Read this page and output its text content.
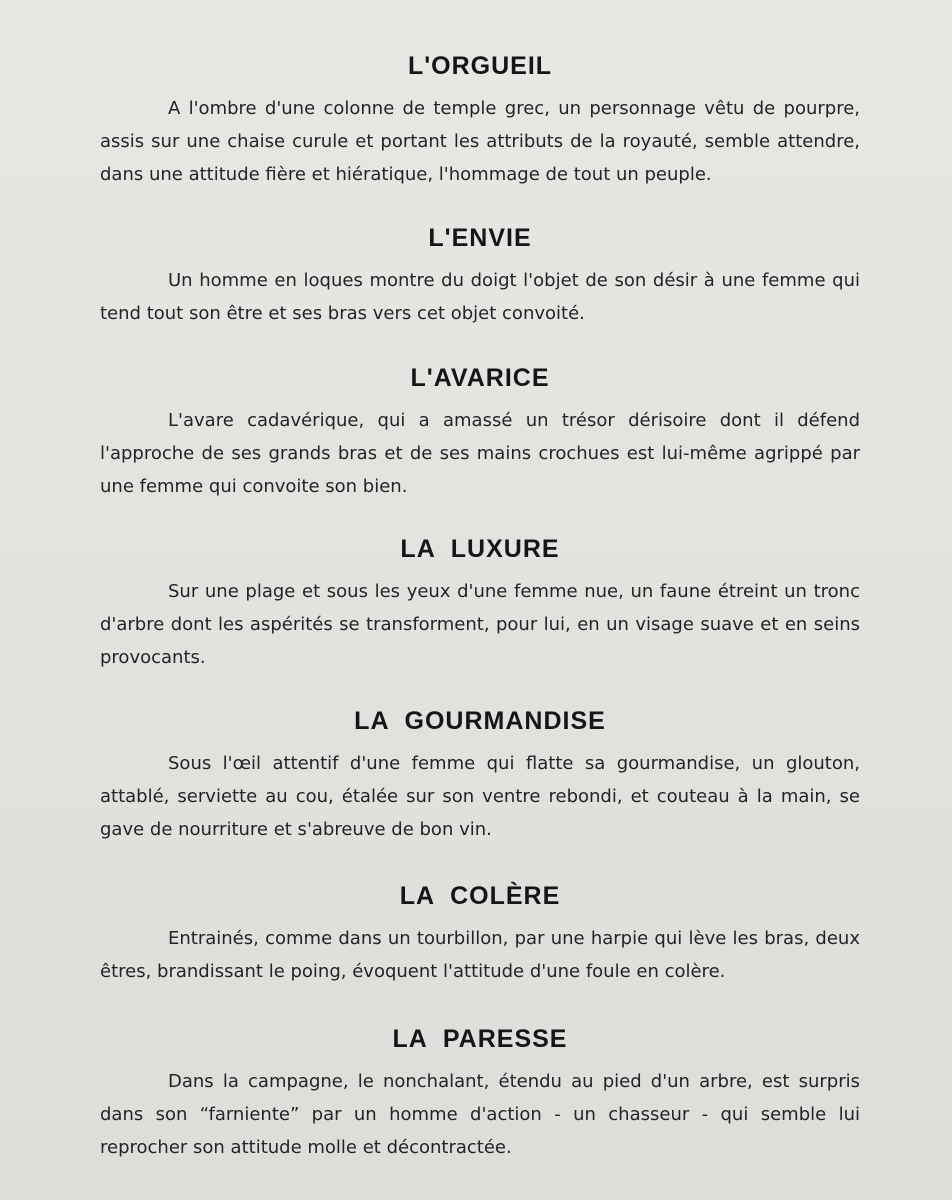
L'ORGUEIL

A l'ombre d'une colonne de temple grec, un personnage vêtu de pourpre, assis sur une chaise curule et portant les attributs de la royauté, semble attendre, dans une attitude fière et hiératique, l'hommage de tout un peuple.

L'ENVIE

Un homme en loques montre du doigt l'objet de son désir à une femme qui tend tout son être et ses bras vers cet objet convoité.

L'AVARICE

L'avare cadavérique, qui a amassé un trésor dérisoire dont il défend l'approche de ses grands bras et de ses mains crochues est lui-même agrippé par une femme qui convoite son bien.

LA LUXURE

Sur une plage et sous les yeux d'une femme nue, un faune étreint un tronc d'arbre dont les aspérités se transforment, pour lui, en un visage suave et en seins provocants.

LA GOURMANDISE

Sous l'œil attentif d'une femme qui flatte sa gourmandise, un glouton, attablé, serviette au cou, étalée sur son ventre rebondi, et couteau à la main, se gave de nourriture et s'abreuve de bon vin.

LA COLÈRE

Entrainés, comme dans un tourbillon, par une harpie qui lève les bras, deux êtres, brandissant le poing, évoquent l'attitude d'une foule en colère.

LA PARESSE

Dans la campagne, le nonchalant, étendu au pied d'un arbre, est surpris dans son “farniente” par un homme d'action - un chasseur - qui semble lui reprocher son attitude molle et décontractée.
